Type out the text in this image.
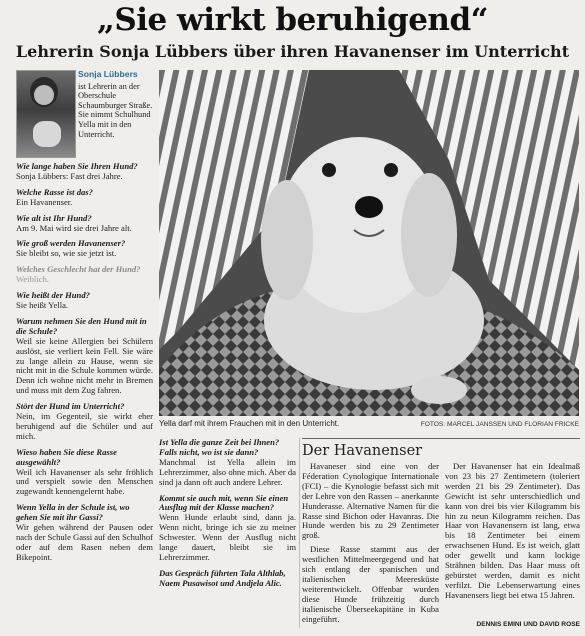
„Sie wirkt beruhigend“
Lehrerin Sonja Lübbers über ihren Havanenser im Unterricht
Sonja Lübbers
ist Lehrerin an der Oberschule Schaumburger Straße. Sie nimmt Schulhund Yella mit in den Unterricht.
Wie lange haben Sie Ihren Hund?
Sonja Lübbers: Fast drei Jahre.
Welche Rasse ist das?
Ein Havanenser.
Wie alt ist Ihr Hund?
Am 9. Mai wird sie drei Jahre alt.
Wie groß werden Havanenser?
Sie bleibt so, wie sie jetzt ist.
Welches Geschlecht hat der Hund?
Weiblich.
Wie heißt der Hund?
Sie heißt Yella.
Warum nehmen Sie den Hund mit in die Schule?
Weil sie keine Allergien bei Schülern auslöst, sie verliert kein Fell. Sie wäre zu lange allein zu Hause, wenn sie nicht mit in die Schule kommen würde. Denn ich wohne nicht mehr in Bremen und muss mit dem Zug fahren.
Stört der Hund im Unterricht?
Nein, im Gegenteil, sie wirkt eher beruhigend auf die Schüler und auf mich.
Wieso haben Sie diese Rasse ausgewählt?
Weil ich Havanenser als sehr fröhlich und verspielt sowie den Menschen zugewandt kennengelernt habe.
Wenn Yella in der Schule ist, wo gehen Sie mit ihr Gassi?
Wir gehen während der Pausen oder nach der Schule Gassi auf den Schulhof oder auf dem Rasen neben dem Bikepoint.
Yella darf mit ihrem Frauchen mit in den Unterricht.	FOTOS: MARCEL JANSSEN UND FLORIAN FRICKE
Ist Yella die ganze Zeit bei Ihnen? Falls nicht, wo ist sie dann?
Manchmal ist Yella allein im Lehrerzimmer, also ohne mich. Aber da sind ja dann oft auch andere Lehrer.
Kommt sie auch mit, wenn Sie einen Ausflug mit der Klasse machen?
Wenn Hunde erlaubt sind, dann ja. Wenn nicht, bringe ich sie zu meiner Schwester. Wenn der Ausflug nicht lange dauert, bleibt sie im Lehrerzimmer.
Das Gespräch führten Tala Althlab, Naem Pusawisot und Andjela Alic.
Der Havanenser

Havaneser sind eine von der Féderation Cynologique Internationale (FCI) – die Kynologie befasst sich mit der Lehre von den Rassen – anerkannte Hunderasse. Alternative Namen für die Rasse sind Bichon oder Havanras. Die Hunde werden bis zu 29 Zentimeter groß.

Diese Rasse stammt aus der westlichen Mittelmeergegend und hat sich entlang der spanischen und italienischen Meeresküste weiterentwickelt. Offenbar wurden diese Hunde frühzeitig durch italienische Überseekapitäne in Kuba eingeführt.

Der Havanenser hat ein Idealmaß von 23 bis 27 Zentimetern (toleriert werden 21 bis 29 Zentimeter). Das Gewicht ist sehr unterschiedlich und kann von drei bis vier Kilogramm bis hin zu neun Kilogramm reichen. Das Haar von Havanensern ist lang, etwa bis 18 Zentimeter bei einem erwachsenen Hund. Es ist weich, glatt oder gewellt und kann lockige Strähnen bilden. Das Haar muss oft gebürstet werden, damit es nicht verfilzt. Die Lebenserwartung eines Havanensers liegt bei etwa 15 Jahren.

DENNIS EMINI UND DAVID ROSE
